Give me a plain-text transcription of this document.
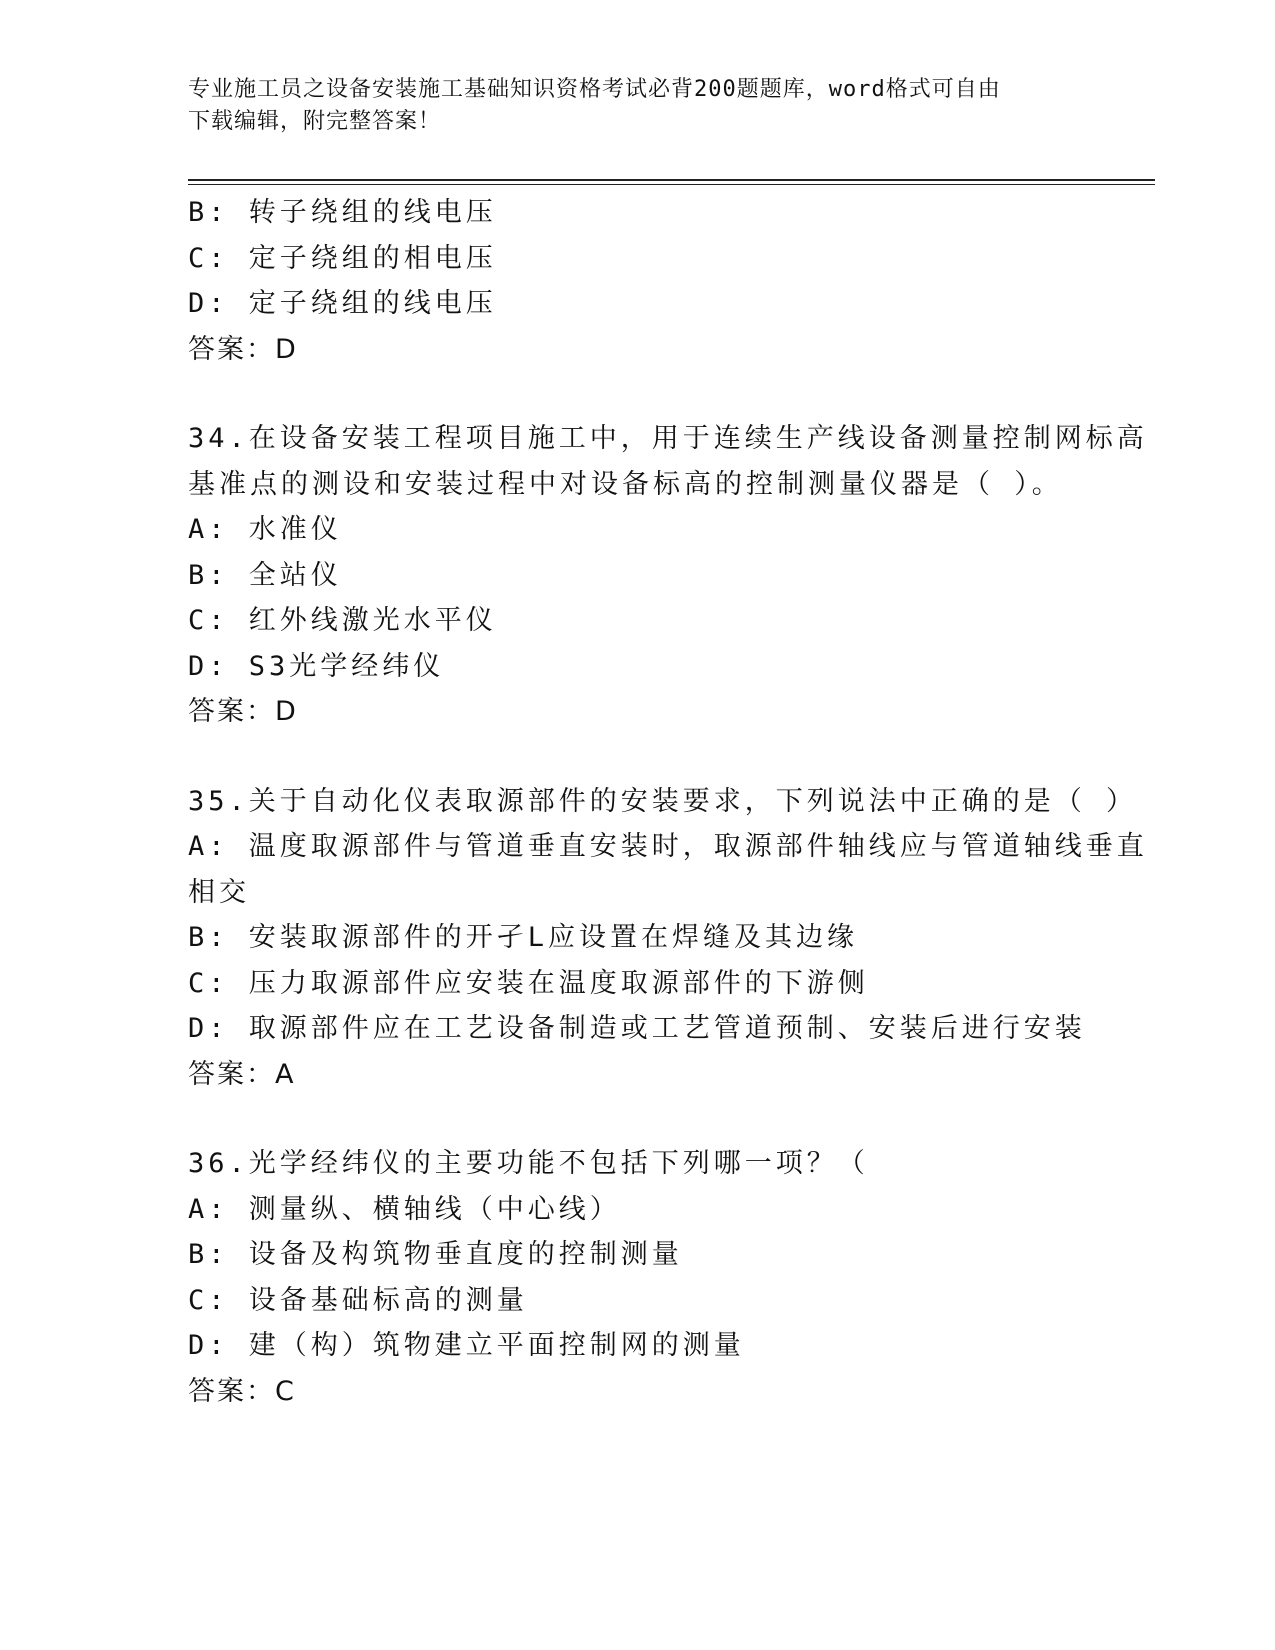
专业施工员之设备安装施工基础知识资格考试必背200题题库，word格式可自由
下载编辑，附完整答案！
B: 转子绕组的线电压
C: 定子绕组的相电压
D: 定子绕组的线电压
答案：D
34.在设备安装工程项目施工中，用于连续生产线设备测量控制网标高
基准点的测设和安装过程中对设备标高的控制测量仪器是（ ）。
A: 水准仪
B: 全站仪
C: 红外线激光水平仪
D: S3光学经纬仪
答案：D
35.关于自动化仪表取源部件的安装要求，下列说法中正确的是（ ）
A: 温度取源部件与管道垂直安装时，取源部件轴线应与管道轴线垂直
相交
B: 安装取源部件的开孑L应设置在焊缝及其边缘
C: 压力取源部件应安装在温度取源部件的下游侧
D: 取源部件应在工艺设备制造或工艺管道预制、安装后进行安装
答案：A
36.光学经纬仪的主要功能不包括下列哪一项？（
A: 测量纵、横轴线（中心线）
B: 设备及构筑物垂直度的控制测量
C: 设备基础标高的测量
D: 建（构）筑物建立平面控制网的测量
答案：C
